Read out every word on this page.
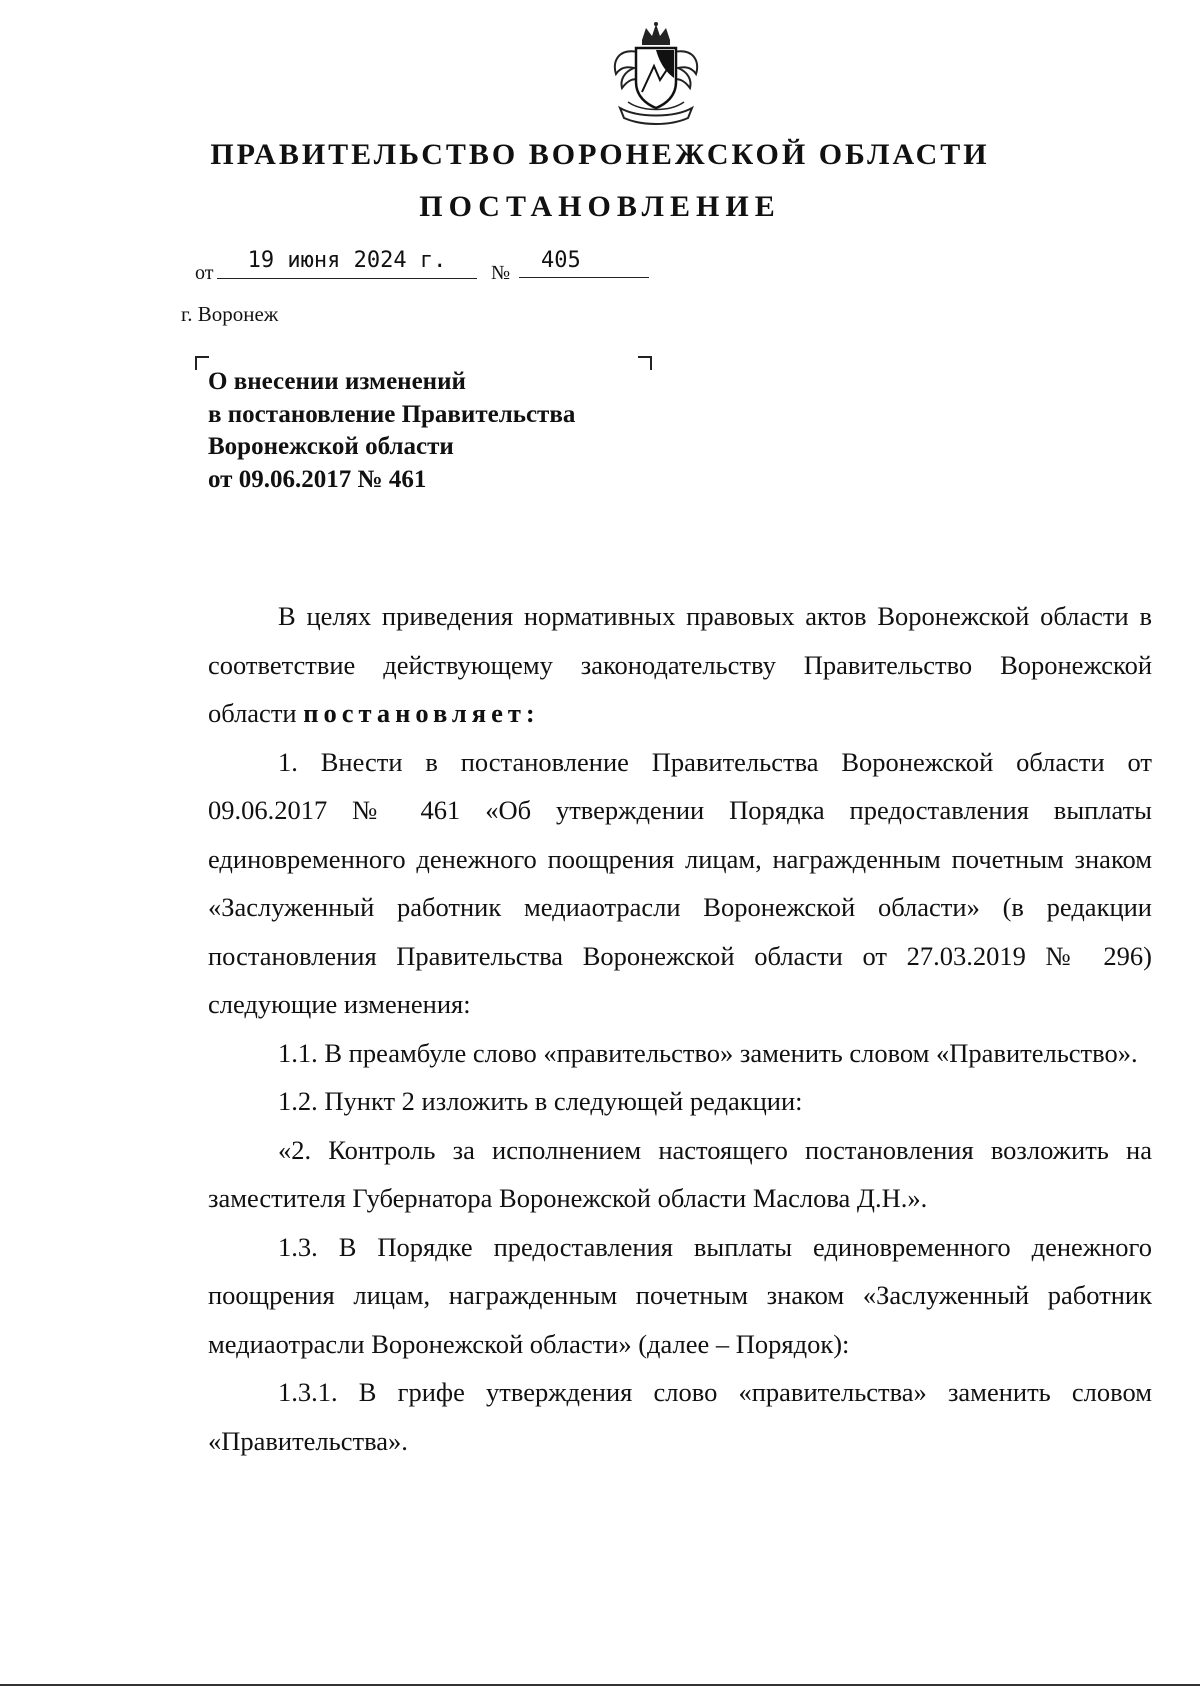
ПРАВИТЕЛЬСТВО ВОРОНЕЖСКОЙ ОБЛАСТИ
ПОСТАНОВЛЕНИЕ
от	19 июня 2024 г.	№	405
г. Воронеж
О внесении изменений
в постановление Правительства
Воронежской области
от 09.06.2017 № 461

В целях приведения нормативных правовых актов Воронежской области в соответствие действующему законодательству Правительство Воронежской области постановляет:

1. Внести в постановление Правительства Воронежской области от 09.06.2017 № 461 «Об утверждении Порядка предоставления выплаты единовременного денежного поощрения лицам, награжденным почетным знаком «Заслуженный работник медиаотрасли Воронежской области» (в редакции постановления Правительства Воронежской области от 27.03.2019 № 296) следующие изменения:

1.1. В преамбуле слово «правительство» заменить словом «Правительство».

1.2. Пункт 2 изложить в следующей редакции:

«2. Контроль за исполнением настоящего постановления возложить на заместителя Губернатора Воронежской области Маслова Д.Н.».

1.3. В Порядке предоставления выплаты единовременного денежного поощрения лицам, награжденным почетным знаком «Заслуженный работник медиаотрасли Воронежской области» (далее – Порядок):

1.3.1. В грифе утверждения слово «правительства» заменить словом «Правительства».
